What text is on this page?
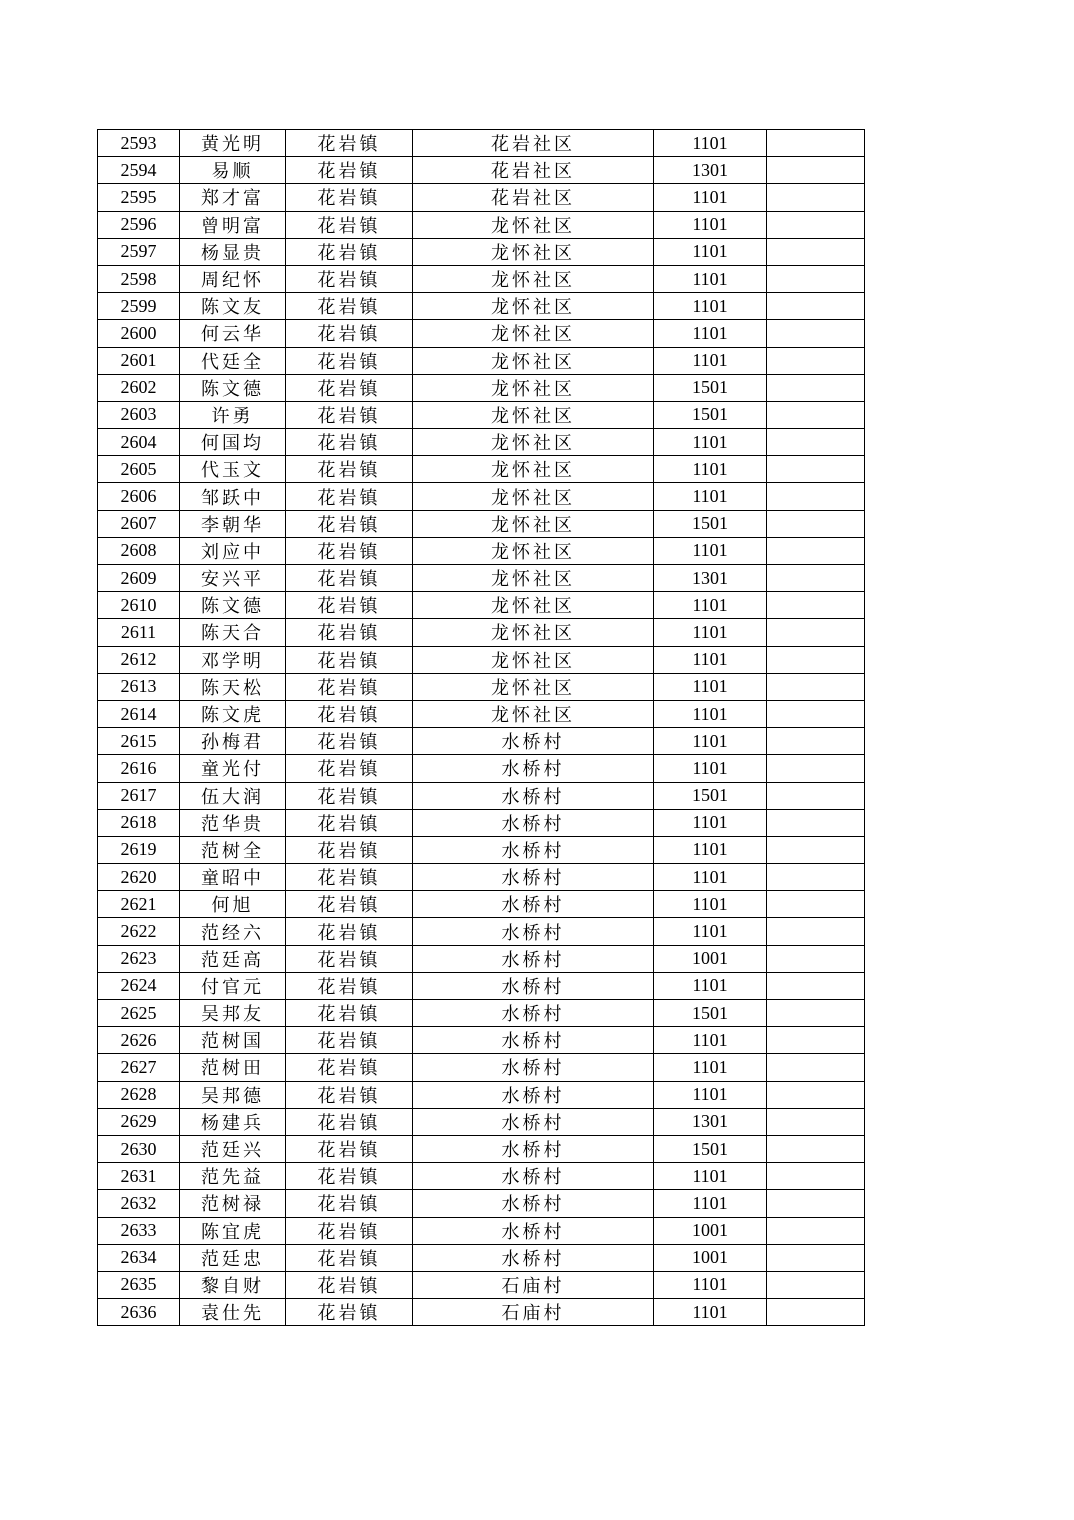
2593	黄光明	花岩镇	花岩社区	1101	
2594	易顺	花岩镇	花岩社区	1301	
2595	郑才富	花岩镇	花岩社区	1101	
2596	曾明富	花岩镇	龙怀社区	1101	
2597	杨显贵	花岩镇	龙怀社区	1101	
2598	周纪怀	花岩镇	龙怀社区	1101	
2599	陈文友	花岩镇	龙怀社区	1101	
2600	何云华	花岩镇	龙怀社区	1101	
2601	代廷全	花岩镇	龙怀社区	1101	
2602	陈文德	花岩镇	龙怀社区	1501	
2603	许勇	花岩镇	龙怀社区	1501	
2604	何国均	花岩镇	龙怀社区	1101	
2605	代玉文	花岩镇	龙怀社区	1101	
2606	邹跃中	花岩镇	龙怀社区	1101	
2607	李朝华	花岩镇	龙怀社区	1501	
2608	刘应中	花岩镇	龙怀社区	1101	
2609	安兴平	花岩镇	龙怀社区	1301	
2610	陈文德	花岩镇	龙怀社区	1101	
2611	陈天合	花岩镇	龙怀社区	1101	
2612	邓学明	花岩镇	龙怀社区	1101	
2613	陈天松	花岩镇	龙怀社区	1101	
2614	陈文虎	花岩镇	龙怀社区	1101	
2615	孙梅君	花岩镇	水桥村	1101	
2616	童光付	花岩镇	水桥村	1101	
2617	伍大润	花岩镇	水桥村	1501	
2618	范华贵	花岩镇	水桥村	1101	
2619	范树全	花岩镇	水桥村	1101	
2620	童昭中	花岩镇	水桥村	1101	
2621	何旭	花岩镇	水桥村	1101	
2622	范经六	花岩镇	水桥村	1101	
2623	范廷高	花岩镇	水桥村	1001	
2624	付官元	花岩镇	水桥村	1101	
2625	吴邦友	花岩镇	水桥村	1501	
2626	范树国	花岩镇	水桥村	1101	
2627	范树田	花岩镇	水桥村	1101	
2628	吴邦德	花岩镇	水桥村	1101	
2629	杨建兵	花岩镇	水桥村	1301	
2630	范廷兴	花岩镇	水桥村	1501	
2631	范先益	花岩镇	水桥村	1101	
2632	范树禄	花岩镇	水桥村	1101	
2633	陈宜虎	花岩镇	水桥村	1001	
2634	范廷忠	花岩镇	水桥村	1001	
2635	黎自财	花岩镇	石庙村	1101	
2636	袁仕先	花岩镇	石庙村	1101	
